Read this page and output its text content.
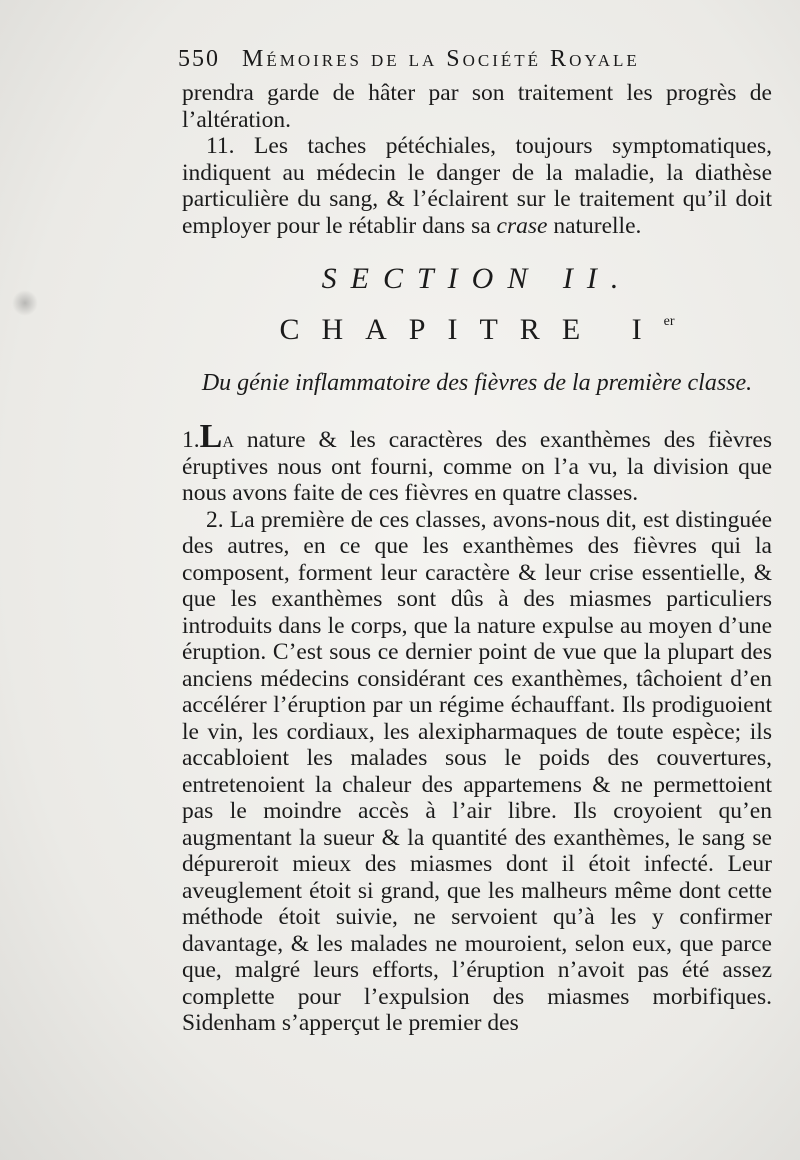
550 Mémoires de la Société Royale

prendra garde de hâter par son traitement les progrès de l’altération.

11. Les taches pétéchiales, toujours symptomatiques, indiquent au médecin le danger de la maladie, la diathèse particulière du sang, & l’éclairent sur le traitement qu’il doit employer pour le rétablir dans sa crase naturelle.

SECTION II.
CHAPITRE Ier
Du génie inflammatoire des fièvres de la première classe.

1.La nature & les caractères des exanthèmes des fièvres éruptives nous ont fourni, comme on l’a vu, la division que nous avons faite de ces fièvres en quatre classes.

2. La première de ces classes, avons-nous dit, est distinguée des autres, en ce que les exanthèmes des fièvres qui la composent, forment leur caractère & leur crise essentielle, & que les exanthèmes sont dûs à des miasmes particuliers introduits dans le corps, que la nature expulse au moyen d’une éruption. C’est sous ce dernier point de vue que la plupart des anciens médecins considérant ces exanthèmes, tâchoient d’en accélérer l’éruption par un régime échauffant. Ils prodiguoient le vin, les cordiaux, les alexipharmaques de toute espèce; ils accabloient les malades sous le poids des couvertures, entretenoient la chaleur des appartemens & ne permettoient pas le moindre accès à l’air libre. Ils croyoient qu’en augmentant la sueur & la quantité des exanthèmes, le sang se dépureroit mieux des miasmes dont il étoit infecté. Leur aveuglement étoit si grand, que les malheurs même dont cette méthode étoit suivie, ne servoient qu’à les y confirmer davantage, & les malades ne mouroient, selon eux, que parce que, malgré leurs efforts, l’éruption n’avoit pas été assez complette pour l’expulsion des miasmes morbifiques. Sidenham s’apperçut le premier des
